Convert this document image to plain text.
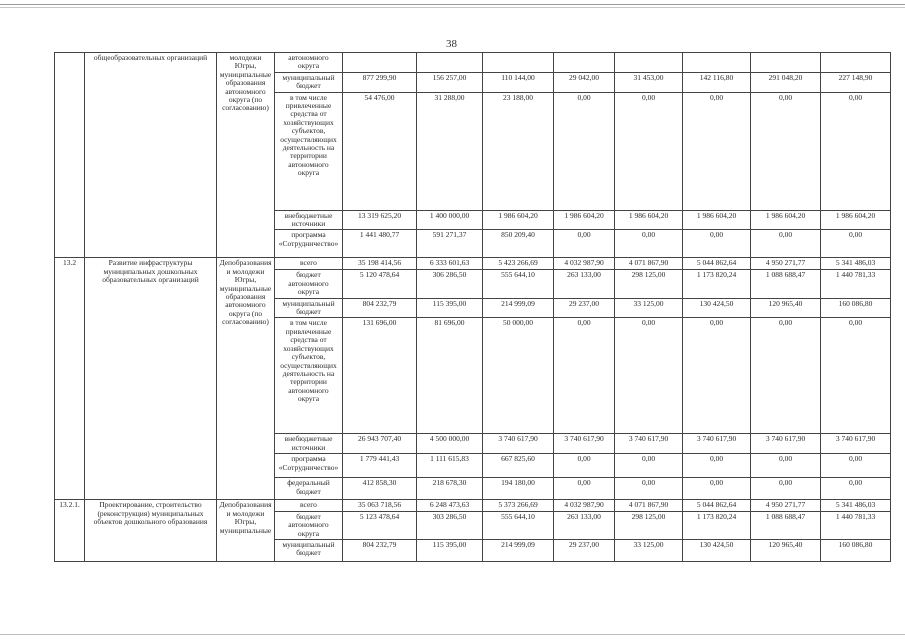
38
	общеобразовательных организаций	молодежи Югры, муниципальные образования автономного округа (по согласованию)	автономного округа								
			муниципальный бюджет	877 299,90	156 257,00	110 144,00	29 042,00	31 453,00	142 116,80	291 048,20	227 148,90
			в том числе привлеченные средства от хозяйствующих субъектов, осуществляющих деятельность на территории автономного округа	54 476,00	31 288,00	23 188,00	0,00	0,00	0,00	0,00	0,00
			внебюджетные источники	13 319 625,20	1 400 000,00	1 986 604,20	1 986 604,20	1 986 604,20	1 986 604,20	1 986 604,20	1 986 604,20
			программа «Сотрудничество»	1 441 480,77	591 271,37	850 209,40	0,00	0,00	0,00	0,00	0,00
13.2	Развитие инфраструктуры муниципальных дошкольных образовательных организаций	Депобразования и молодежи Югры, муниципальные образования автономного округа (по согласованию)	всего	35 198 414,56	6 333 601,63	5 423 266,69	4 032 987,90	4 071 867,90	5 044 862,64	4 950 271,77	5 341 486,03
			бюджет автономного округа	5 120 478,64	306 286,50	555 644,10	263 133,00	298 125,00	1 173 820,24	1 088 688,47	1 440 781,33
			муниципальный бюджет	804 232,79	115 395,00	214 999,09	29 237,00	33 125,00	130 424,50	120 965,40	160 086,80
			в том числе привлеченные средства от хозяйствующих субъектов, осуществляющих деятельность на территории автономного округа	131 696,00	81 696,00	50 000,00	0,00	0,00	0,00	0,00	0,00
			внебюджетные источники	26 943 707,40	4 500 000,00	3 740 617,90	3 740 617,90	3 740 617,90	3 740 617,90	3 740 617,90	3 740 617,90
			программа «Сотрудничество»	1 779 441,43	1 111 615,83	667 825,60	0,00	0,00	0,00	0,00	0,00
			федеральный бюджет	412 858,30	218 678,30	194 180,00	0,00	0,00	0,00	0,00	0,00
13.2.1.	Проектирование, строительство (реконструкция) муниципальных объектов дошкольного образования	Депобразования и молодежи Югры, муниципальные	всего	35 063 718,56	6 248 473,63	5 373 266,69	4 032 987,90	4 071 867,90	5 044 862,64	4 950 271,77	5 341 486,03
			бюджет автономного округа	5 123 478,64	303 286,50	555 644,10	263 133,00	298 125,00	1 173 820,24	1 088 688,47	1 440 781,33
			муниципальный бюджет	804 232,79	115 395,00	214 999,09	29 237,00	33 125,00	130 424,50	120 965,40	160 086,80
